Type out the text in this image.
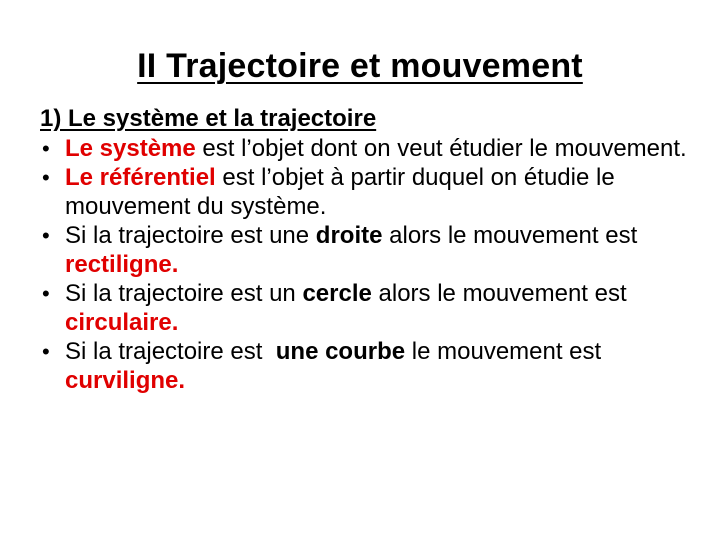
II Trajectoire et mouvement

1) Le système et la trajectoire

• Le système est l’objet dont on veut étudier le mouvement.
• Le référentiel est l’objet à partir duquel on étudie le mouvement du système.
• Si la trajectoire est une droite alors le mouvement est rectiligne.
• Si la trajectoire est un cercle alors le mouvement est circulaire.
• Si la trajectoire est  une courbe le mouvement est curviligne.
